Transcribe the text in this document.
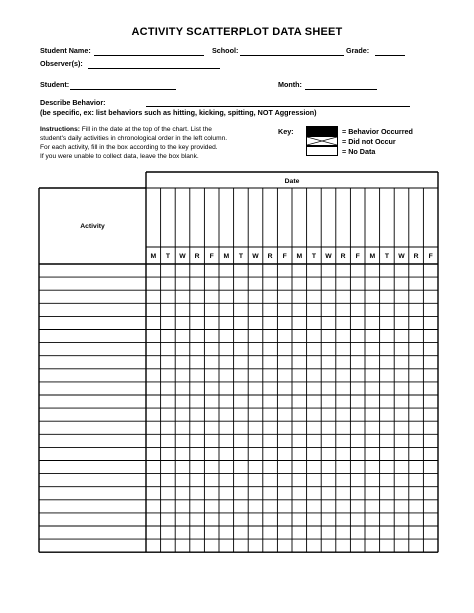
ACTIVITY SCATTERPLOT DATA SHEET
Student Name:	School:	Grade:
Observer(s):
Student:	Month:
Describe Behavior:
(be specific, ex: list behaviors such as hitting, kicking, spitting, NOT Aggression)
Instructions: Fill in the date at the top of the chart. List the
student's daily activities in chronological order in the left column.
For each activity, fill in the box according to the key provided.
If you were unable to collect data, leave the box blank.
Key:	= Behavior Occurred
= Did not Occur
= No Data
Date
Activity
M T W R F M T W R F M T W R F M T W R F
